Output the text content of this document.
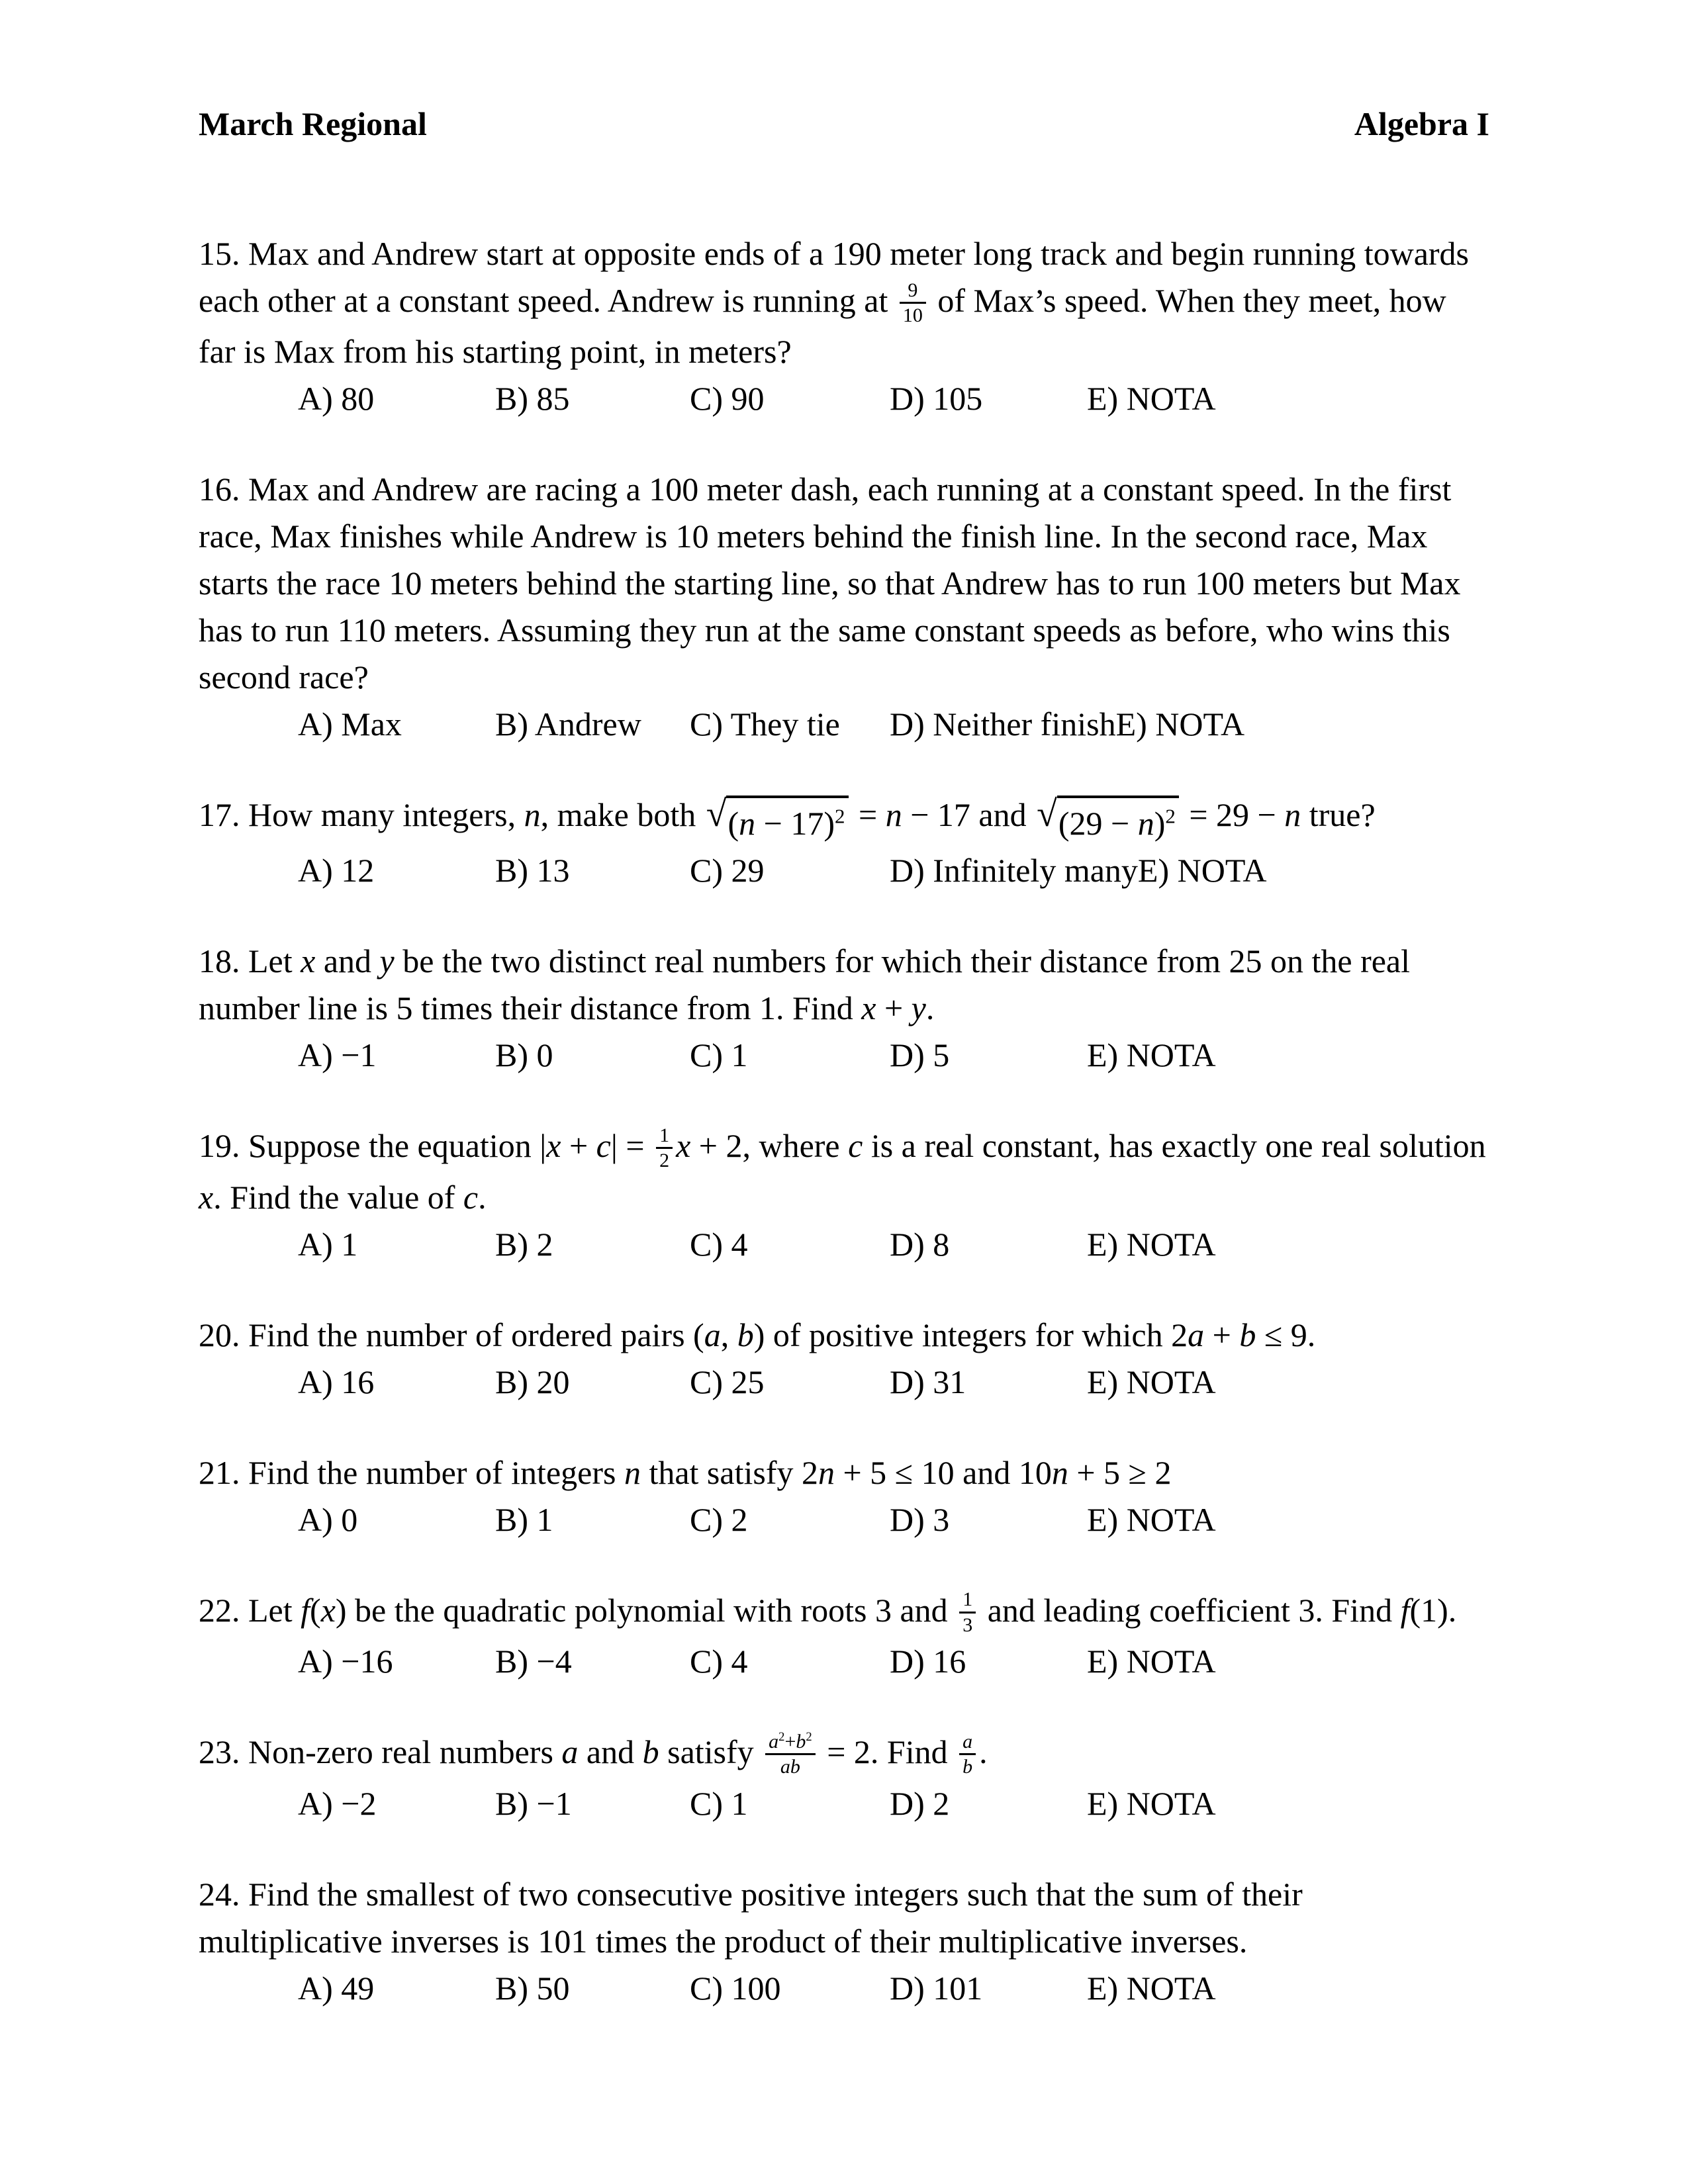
March Regional	Algebra I

15. Max and Andrew start at opposite ends of a 190 meter long track and begin running towards each other at a constant speed. Andrew is running at $\frac{9}{10}$ of Max’s speed. When they meet, how far is Max from his starting point, in meters?

A) 80	B) 85	C) 90	D) 105	E) NOTA

16. Max and Andrew are racing a 100 meter dash, each running at a constant speed. In the first race, Max finishes while Andrew is 10 meters behind the finish line. In the second race, Max starts the race 10 meters behind the starting line, so that Andrew has to run 100 meters but Max has to run 110 meters. Assuming they run at the same constant speeds as before, who wins this second race?

A) Max	B) Andrew	C) They tie	D) Neither finish E) NOTA

17. How many integers, n, make both √ $(n - 17)^2 = n - 17$ and √ $(29 - n)^2 = 29 - n$ true?

A) 12	B) 13	C) 29	D) Infinitely many E) NOTA

18. Let x and y be the two distinct real numbers for which their distance from 25 on the real number line is 5 times their distance from 1. Find x + y.

A) −1	B) 0	C) 1	D) 5	E) NOTA

19. Suppose the equation $|x + c| = \frac{1}{2}$ x + 2, where c is a real constant, has exactly one real solution x. Find the value of c.

A) 1	B) 2	C) 4	D) 8	E) NOTA

20. Find the number of ordered pairs (a, b) of positive integers for which 2a + b ≤ 9.

A) 16	B) 20	C) 25	D) 31	E) NOTA

21. Find the number of integers n that satisfy 2n + 5 ≤ 10 and 10n + 5 ≥ 2

A) 0	B) 1	C) 2	D) 3	E) NOTA

22. Let f(x) be the quadratic polynomial with roots 3 and $\frac{1}{3}$ and leading coefficient 3. Find f(1).

A) −16	B) −4	C) 4	D) 16	E) NOTA

23. Non-zero real numbers a and b satisfy $\frac{a^2+b^2}{ab} = 2$. Find $\frac{a}{b}$ .

A) −2	B) −1	C) 1	D) 2	E) NOTA

24. Find the smallest of two consecutive positive integers such that the sum of their multiplicative inverses is 101 times the product of their multiplicative inverses.

A) 49	B) 50	C) 100	D) 101	E) NOTA
